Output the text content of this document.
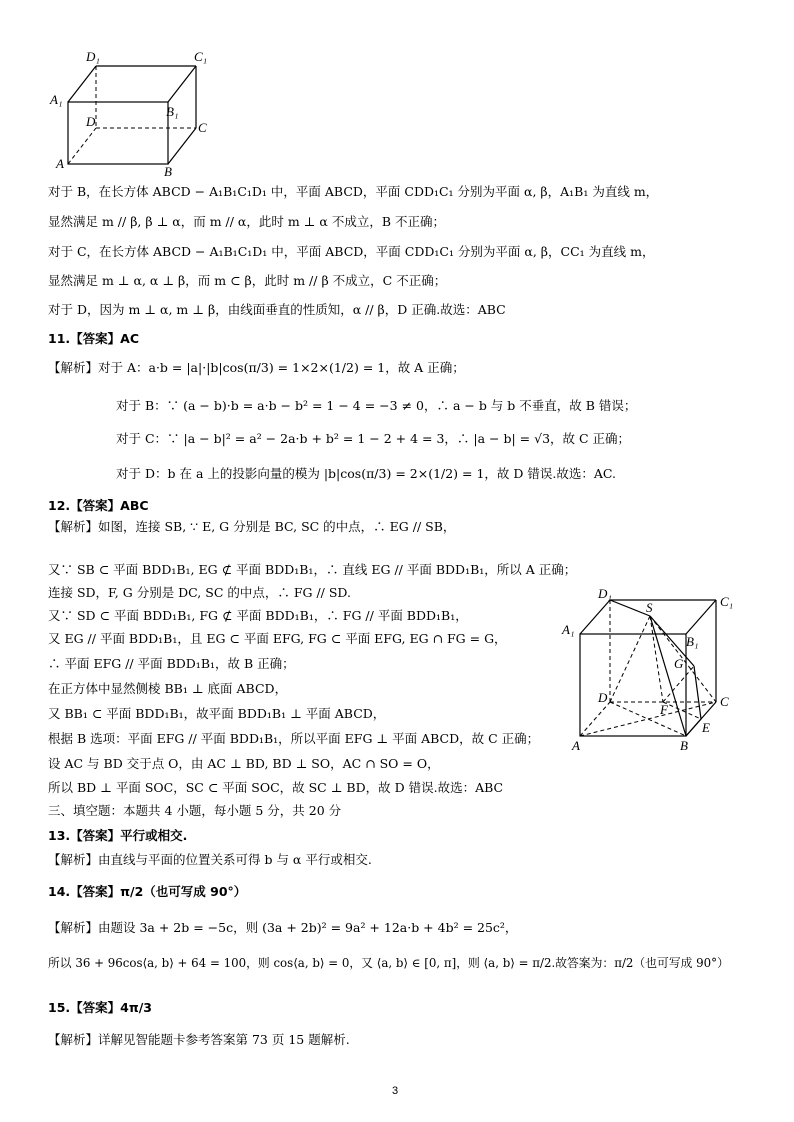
D₁	C₁
A₁
B₁
D	C
A
B
对于 B，在长方体 ABCD − A₁B₁C₁D₁ 中，平面 ABCD，平面 CDD₁C₁ 分别为平面 α, β，A₁B₁ 为直线 m，
显然满足 m // β, β ⊥ α，而 m // α，此时 m ⊥ α 不成立，B 不正确；
对于 C，在长方体 ABCD − A₁B₁C₁D₁ 中，平面 ABCD，平面 CDD₁C₁ 分别为平面 α, β，CC₁ 为直线 m，
显然满足 m ⊥ α, α ⊥ β，而 m ⊂ β，此时 m // β 不成立，C 不正确；
对于 D，因为 m ⊥ α, m ⊥ β，由线面垂直的性质知，α // β，D 正确.故选：ABC
11.【答案】AC
【解析】对于 A：a·b = |a|·|b|cos(π/3) = 1×2×(1/2) = 1，故 A 正确；
对于 B：∵ (a − b)·b = a·b − b² = 1 − 4 = −3 ≠ 0，∴ a − b 与 b 不垂直，故 B 错误；
对于 C：∵ |a − b|² = a² − 2a·b + b² = 1 − 2 + 4 = 3，∴ |a − b| = √3，故 C 正确；
对于 D：b 在 a 上的投影向量的模为 |b|cos(π/3) = 2×(1/2) = 1，故 D 错误.故选：AC.
12.【答案】ABC
【解析】如图，连接 SB, ∵ E, G 分别是 BC, SC 的中点，∴ EG // SB，
又∵ SB ⊂ 平面 BDD₁B₁, EG ⊄ 平面 BDD₁B₁，∴ 直线 EG // 平面 BDD₁B₁，所以 A 正确；
连接 SD，F, G 分别是 DC, SC 的中点，∴ FG // SD.
又∵ SD ⊂ 平面 BDD₁B₁, FG ⊄ 平面 BDD₁B₁，∴ FG // 平面 BDD₁B₁，
又 EG // 平面 BDD₁B₁，且 EG ⊂ 平面 EFG, FG ⊂ 平面 EFG, EG ∩ FG = G，
∴ 平面 EFG // 平面 BDD₁B₁，故 B 正确；
在正方体中显然侧棱 BB₁ ⊥ 底面 ABCD，
又 BB₁ ⊂ 平面 BDD₁B₁，故平面 BDD₁B₁ ⊥ 平面 ABCD，
根据 B 选项：平面 EFG // 平面 BDD₁B₁，所以平面 EFG ⊥ 平面 ABCD，故 C 正确；
设 AC 与 BD 交于点 O，由 AC ⊥ BD, BD ⊥ SO，AC ∩ SO = O，
所以 BD ⊥ 平面 SOC，SC ⊂ 平面 SOC，故 SC ⊥ BD，故 D 错误.故选：ABC
三、填空题：本题共 4 小题，每小题 5 分，共 20 分
13.【答案】平行或相交.
【解析】由直线与平面的位置关系可得 b 与 α 平行或相交.
14.【答案】π/2（也可写成 90°）
【解析】由题设 3a + 2b = −5c，则 (3a + 2b)² = 9a² + 12a·b + 4b² = 25c²，
所以 36 + 96cos⟨a, b⟩ + 64 = 100，则 cos⟨a, b⟩ = 0，又 ⟨a, b⟩ ∈ [0, π]，则 ⟨a, b⟩ = π/2.故答案为：π/2（也可写成 90°）
15.【答案】4π/3
【解析】详解见智能题卡参考答案第 73 页 15 题解析.
D₁
S	C₁
A₁
B₁
G
D
F
C
E
A	B
3
